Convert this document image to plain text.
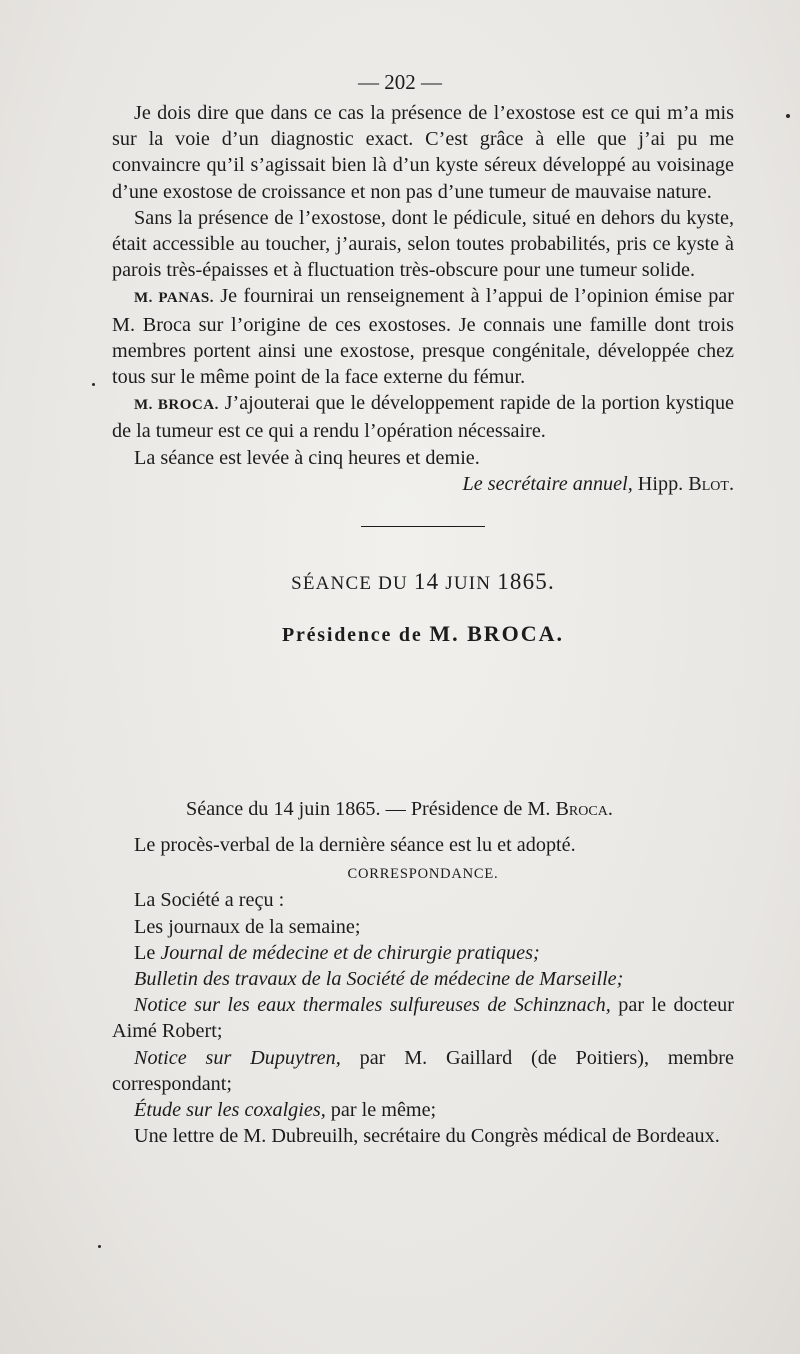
— 202 —

Je dois dire que dans ce cas la présence de l’exostose est ce qui m’a mis sur la voie d’un diagnostic exact. C’est grâce à elle que j’ai pu me convaincre qu’il s’agissait bien là d’un kyste séreux développé au voisinage d’une exostose de croissance et non pas d’une tumeur de mauvaise nature.

Sans la présence de l’exostose, dont le pédicule, situé en dehors du kyste, était accessible au toucher, j’aurais, selon toutes probabilités, pris ce kyste à parois très-épaisses et à fluctuation très-obscure pour une tumeur solide.

M. PANAS. Je fournirai un renseignement à l’appui de l’opinion émise par M. Broca sur l’origine de ces exostoses. Je connais une famille dont trois membres portent ainsi une exostose, presque congénitale, développée chez tous sur le même point de la face externe du fémur.

M. BROCA. J’ajouterai que le développement rapide de la portion kystique de la tumeur est ce qui a rendu l’opération nécessaire.

La séance est levée à cinq heures et demie.

Le secrétaire annuel, Hipp. Blot.

SÉANCE DU 14 JUIN 1865.

Présidence de M. BROCA.

Séance du 14 juin 1865. — Présidence de M. Broca.

Le procès-verbal de la dernière séance est lu et adopté.

CORRESPONDANCE.

La Société a reçu :

Les journaux de la semaine;

Le Journal de médecine et de chirurgie pratiques;

Bulletin des travaux de la Société de médecine de Marseille;

Notice sur les eaux thermales sulfureuses de Schinznach, par le docteur Aimé Robert;

Notice sur Dupuytren, par M. Gaillard (de Poitiers), membre correspondant;

Étude sur les coxalgies, par le même;

Une lettre de M. Dubreuilh, secrétaire du Congrès médical de Bordeaux.
